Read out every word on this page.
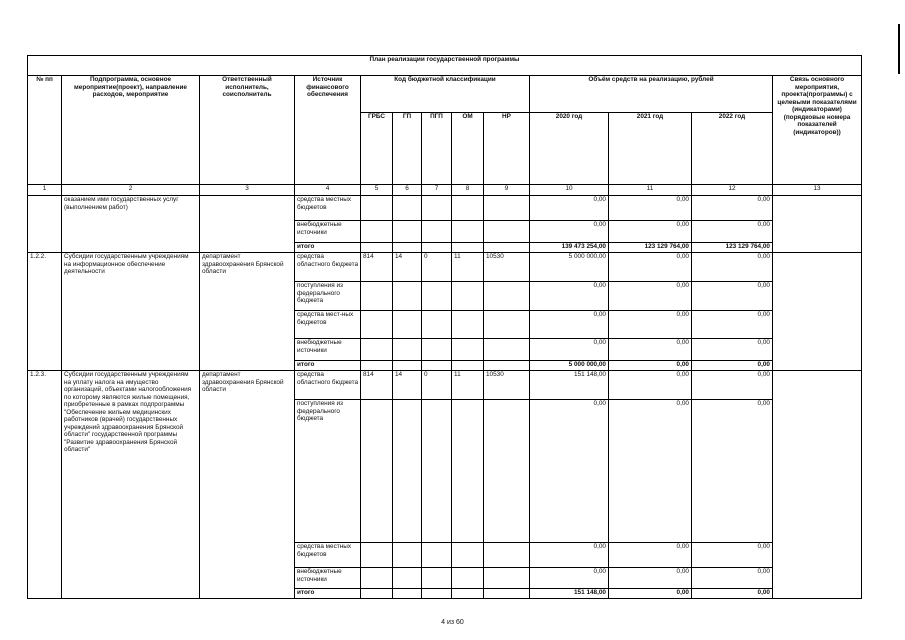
План реализации государственной программы												
№ пп	Подпрограмма, основное мероприятие(проект), направление расходов, мероприятие	Ответственный исполнитель, соисполнитель	Источник финансового обеспечения	Код бюджетной классификации					Объём средств на реализацию, рублей			Связь основного мероприятия, проекта(программы) с целевыми показателями (индикаторами) (порядковые номера показателей (индикаторов))
				ГРБС	ГП	ПГП	ОМ	НР	2020 год	2021 год	2022 год	
1	2	3	4	5	6	7	8	9	10	11	12	13
	оказанием ими государственных услуг (выполнением работ)		средства местных бюджетов						0,00	0,00	0,00	
			внебюджетные источники						0,00	0,00	0,00	
			итого						139 473 254,00	123 129 764,00	123 129 764,00	
1.2.2.	Субсидии государственным учреждениям на информационное обеспечение деятельности	департамент здравоохранения Брянской области	средства областного бюджета	814	14	0	11	10530	5 000 000,00	0,00	0,00	
			поступления из федерального бюджета						0,00	0,00	0,00	
			средства мест-ных бюджетов						0,00	0,00	0,00	
			внебюджетные источники						0,00	0,00	0,00	
			итого						5 000 000,00	0,00	0,00	
1.2.3.	Субсидии государственным учреждениям на уплату налога на имущество организаций, объектами налогообложения по которому являются жилые помещения, приобретенные в рамках подпрограммы "Обеспечение жильем медицинских работников (врачей) государственных учреждений здравоохранения Брянской области" государственной программы "Развитие здравоохранения Брянской области"	департамент здравоохранения Брянской области	средства областного бюджета	814	14	0	11	10530	151 148,00	0,00	0,00	
			поступления из федерального бюджета						0,00	0,00	0,00	
			средства местных бюджетов						0,00	0,00	0,00	
			внебюджетные источники						0,00	0,00	0,00	
			итого						151 148,00	0,00	0,00	
4 из 60
